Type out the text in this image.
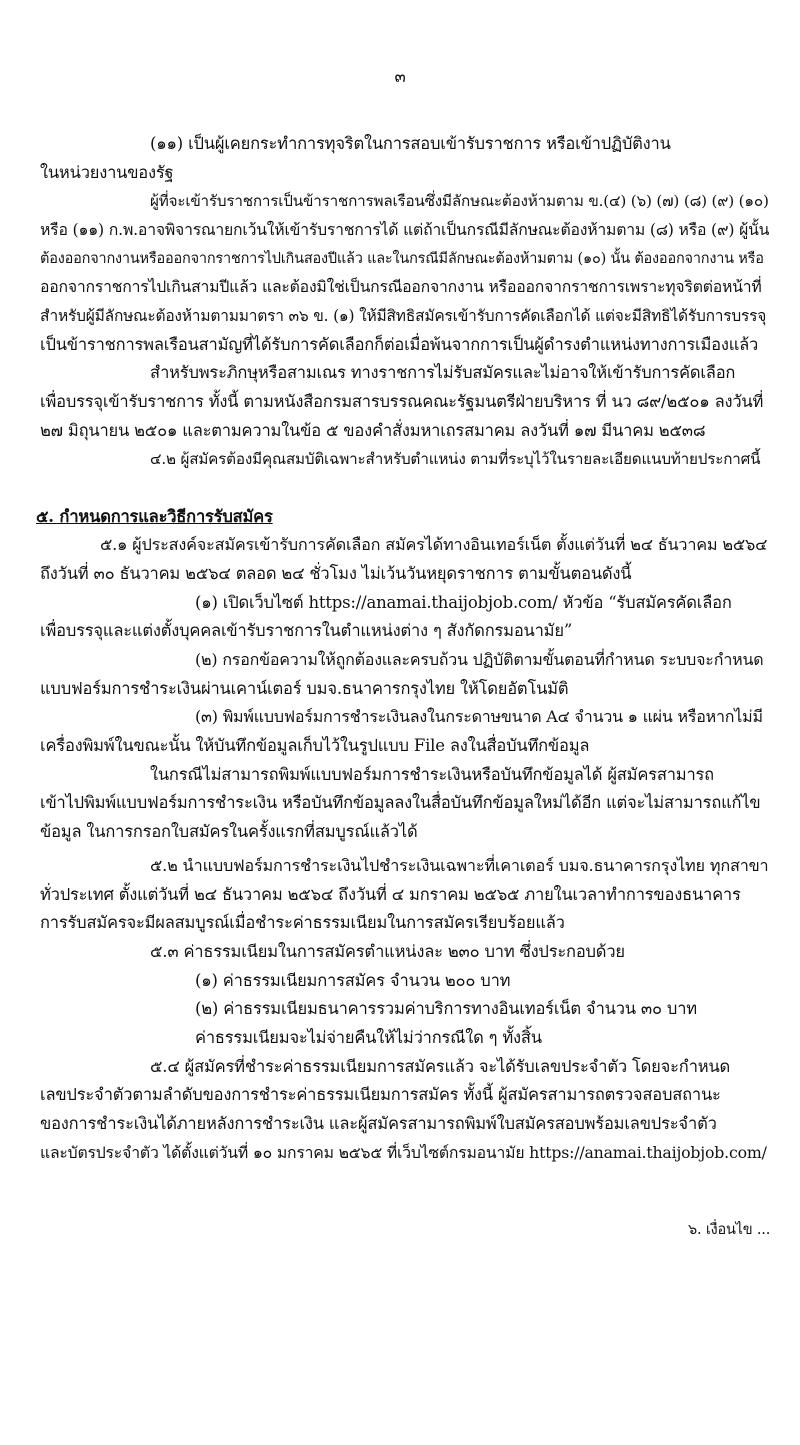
๓
(๑๑) เป็นผู้เคยกระทำการทุจริตในการสอบเข้ารับราชการ หรือเข้าปฏิบัติงาน
ในหน่วยงานของรัฐ
ผู้ที่จะเข้ารับราชการเป็นข้าราชการพลเรือนซึ่งมีลักษณะต้องห้ามตาม ข.(๔) (๖) (๗) (๘) (๙) (๑๐)
หรือ (๑๑) ก.พ.อาจพิจารณายกเว้นให้เข้ารับราชการได้ แต่ถ้าเป็นกรณีมีลักษณะต้องห้ามตาม (๘) หรือ (๙) ผู้นั้น
ต้องออกจากงานหรือออกจากราชการไปเกินสองปีแล้ว และในกรณีมีลักษณะต้องห้ามตาม (๑๐) นั้น ต้องออกจากงาน หรือ
ออกจากราชการไปเกินสามปีแล้ว และต้องมิใช่เป็นกรณีออกจากงาน หรือออกจากราชการเพราะทุจริตต่อหน้าที่
สำหรับผู้มีลักษณะต้องห้ามตามมาตรา ๓๖ ข. (๑) ให้มีสิทธิสมัครเข้ารับการคัดเลือกได้ แต่จะมีสิทธิได้รับการบรรจุ
เป็นข้าราชการพลเรือนสามัญที่ได้รับการคัดเลือกก็ต่อเมื่อพ้นจากการเป็นผู้ดำรงตำแหน่งทางการเมืองแล้ว
สำหรับพระภิกษุหรือสามเณร ทางราชการไม่รับสมัครและไม่อาจให้เข้ารับการคัดเลือก
เพื่อบรรจุเข้ารับราชการ ทั้งนี้ ตามหนังสือกรมสารบรรณคณะรัฐมนตรีฝ่ายบริหาร ที่ นว ๘๙/๒๕๐๑ ลงวันที่
๒๗ มิถุนายน ๒๕๐๑ และตามความในข้อ ๕ ของคำสั่งมหาเถรสมาคม ลงวันที่ ๑๗ มีนาคม ๒๕๓๘
๔.๒ ผู้สมัครต้องมีคุณสมบัติเฉพาะสำหรับตำแหน่ง ตามที่ระบุไว้ในรายละเอียดแนบท้ายประกาศนี้
๕. กำหนดการและวิธีการรับสมัคร
๕.๑ ผู้ประสงค์จะสมัครเข้ารับการคัดเลือก สมัครได้ทางอินเทอร์เน็ต ตั้งแต่วันที่ ๒๔ ธันวาคม ๒๕๖๔
ถึงวันที่ ๓๐ ธันวาคม ๒๕๖๔ ตลอด ๒๔ ชั่วโมง ไม่เว้นวันหยุดราชการ ตามขั้นตอนดังนี้
(๑) เปิดเว็บไซต์ https://anamai.thaijobjob.com/ หัวข้อ “รับสมัครคัดเลือก
เพื่อบรรจุและแต่งตั้งบุคคลเข้ารับราชการในตำแหน่งต่าง ๆ สังกัดกรมอนามัย”
(๒) กรอกข้อความให้ถูกต้องและครบถ้วน ปฏิบัติตามขั้นตอนที่กำหนด ระบบจะกำหนด
แบบฟอร์มการชำระเงินผ่านเคาน์เตอร์ บมจ.ธนาคารกรุงไทย ให้โดยอัตโนมัติ
(๓) พิมพ์แบบฟอร์มการชำระเงินลงในกระดาษขนาด A๔ จำนวน ๑ แผ่น หรือหากไม่มี
เครื่องพิมพ์ในขณะนั้น ให้บันทึกข้อมูลเก็บไว้ในรูปแบบ File ลงในสื่อบันทึกข้อมูล
ในกรณีไม่สามารถพิมพ์แบบฟอร์มการชำระเงินหรือบันทึกข้อมูลได้ ผู้สมัครสามารถ
เข้าไปพิมพ์แบบฟอร์มการชำระเงิน หรือบันทึกข้อมูลลงในสื่อบันทึกข้อมูลใหม่ได้อีก แต่จะไม่สามารถแก้ไข
ข้อมูล ในการกรอกใบสมัครในครั้งแรกที่สมบูรณ์แล้วได้
๕.๒ นำแบบฟอร์มการชำระเงินไปชำระเงินเฉพาะที่เคาเตอร์ บมจ.ธนาคารกรุงไทย ทุกสาขา
ทั่วประเทศ ตั้งแต่วันที่ ๒๔ ธันวาคม ๒๕๖๔ ถึงวันที่ ๔ มกราคม ๒๕๖๕ ภายในเวลาทำการของธนาคาร
การรับสมัครจะมีผลสมบูรณ์เมื่อชำระค่าธรรมเนียมในการสมัครเรียบร้อยแล้ว
๕.๓ ค่าธรรมเนียมในการสมัครตำแหน่งละ ๒๓๐ บาท ซึ่งประกอบด้วย
(๑) ค่าธรรมเนียมการสมัคร จำนวน ๒๐๐ บาท
(๒) ค่าธรรมเนียมธนาคารรวมค่าบริการทางอินเทอร์เน็ต จำนวน ๓๐ บาท
ค่าธรรมเนียมจะไม่จ่ายคืนให้ไม่ว่ากรณีใด ๆ ทั้งสิ้น
๕.๔ ผู้สมัครที่ชำระค่าธรรมเนียมการสมัครแล้ว จะได้รับเลขประจำตัว โดยจะกำหนด
เลขประจำตัวตามลำดับของการชำระค่าธรรมเนียมการสมัคร ทั้งนี้ ผู้สมัครสามารถตรวจสอบสถานะ
ของการชำระเงินได้ภายหลังการชำระเงิน และผู้สมัครสามารถพิมพ์ใบสมัครสอบพร้อมเลขประจำตัว
และบัตรประจำตัว ได้ตั้งแต่วันที่ ๑๐ มกราคม ๒๕๖๕ ที่เว็บไซต์กรมอนามัย https://anamai.thaijobjob.com/
๖. เงื่อนไข ...
